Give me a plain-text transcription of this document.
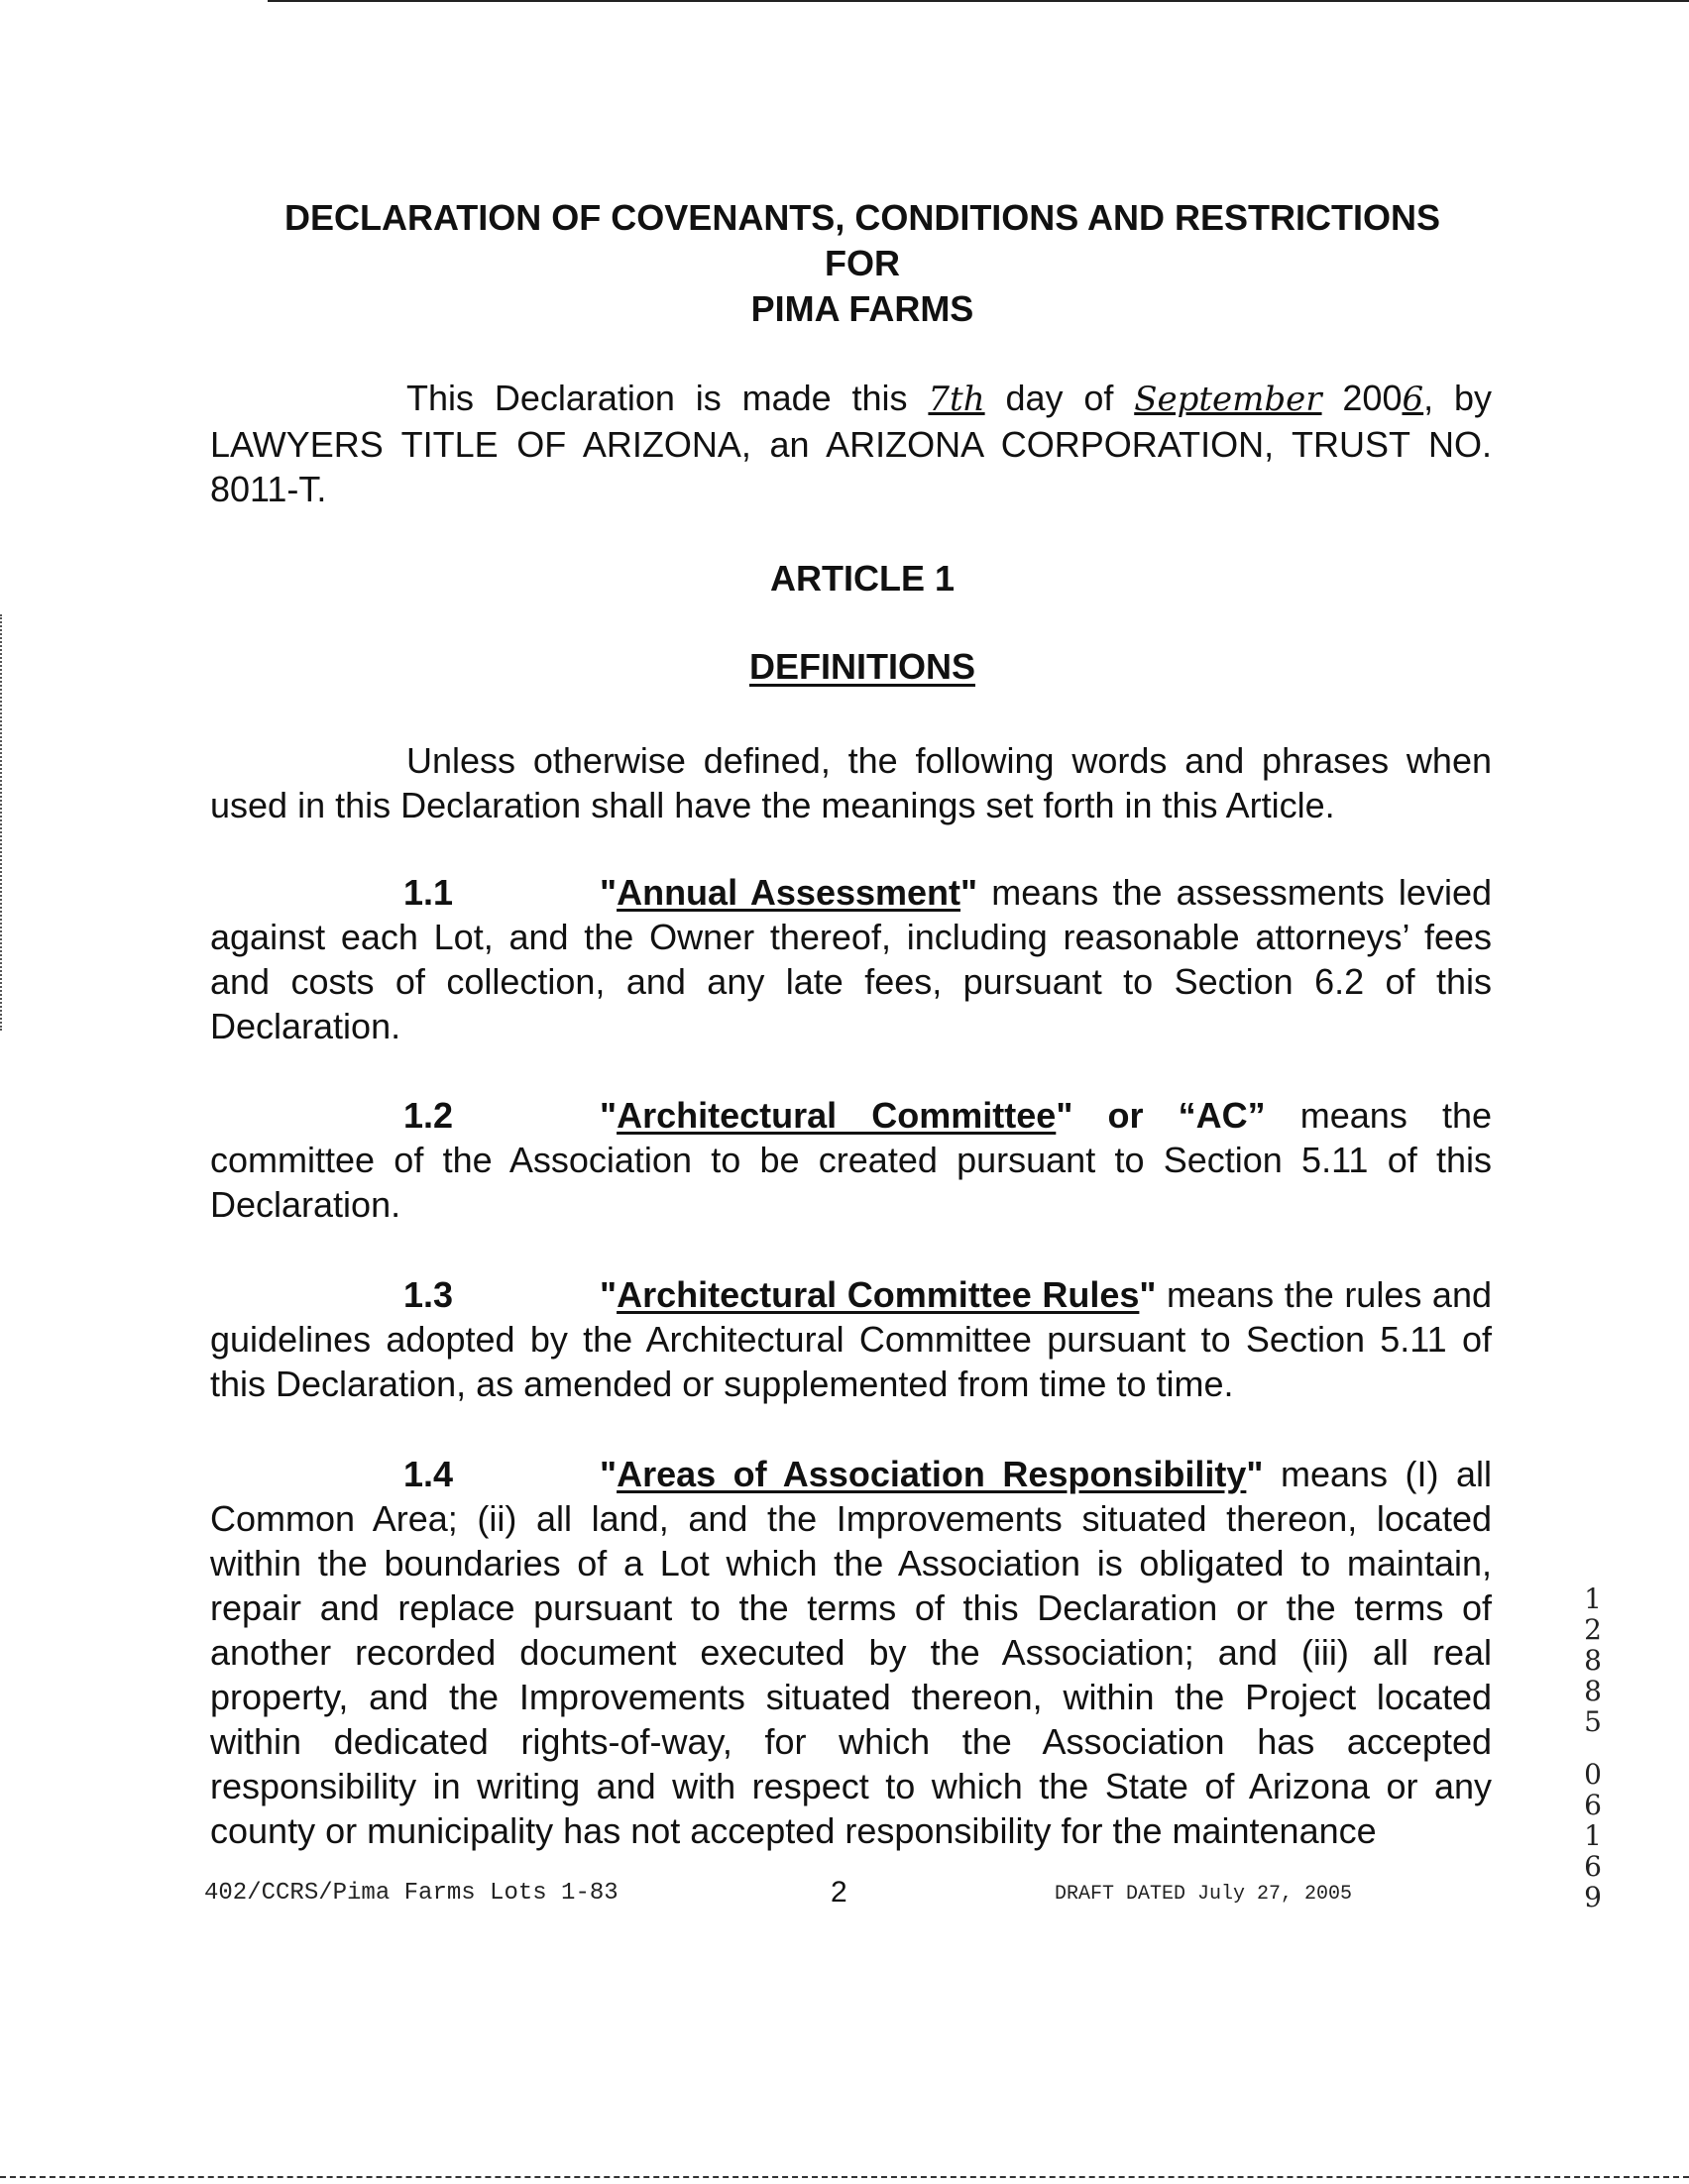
DECLARATION OF COVENANTS, CONDITIONS AND RESTRICTIONS
FOR
PIMA FARMS
This Declaration is made this 7th day of September 2006, by LAWYERS TITLE OF ARIZONA, an ARIZONA CORPORATION, TRUST NO. 8011-T.
ARTICLE 1
DEFINITIONS
Unless otherwise defined, the following words and phrases when used in this Declaration shall have the meanings set forth in this Article.
1.1	"Annual Assessment" means the assessments levied against each Lot, and the Owner thereof, including reasonable attorneys’ fees and costs of collection, and any late fees, pursuant to Section 6.2 of this Declaration.
1.2	"Architectural Committee" or “AC” means the committee of the Association to be created pursuant to Section 5.11 of this Declaration.
1.3	"Architectural Committee Rules" means the rules and guidelines adopted by the Architectural Committee pursuant to Section 5.11 of this Declaration, as amended or supplemented from time to time.
1.4	"Areas of Association Responsibility" means (I) all Common Area; (ii) all land, and the Improvements situated thereon, located within the boundaries of a Lot which the Association is obligated to maintain, repair and replace pursuant to the terms of this Declaration or the terms of another recorded document executed by the Association; and (iii) all real property, and the Improvements situated thereon, within the Project located within dedicated rights-of-way, for which the Association has accepted responsibility in writing and with respect to which the State of Arizona or any county or municipality has not accepted responsibility for the maintenance
1
2
8
8
5
0
6
1
6
9
402/CCRS/Pima Farms Lots 1-83	2	DRAFT DATED July 27, 2005
